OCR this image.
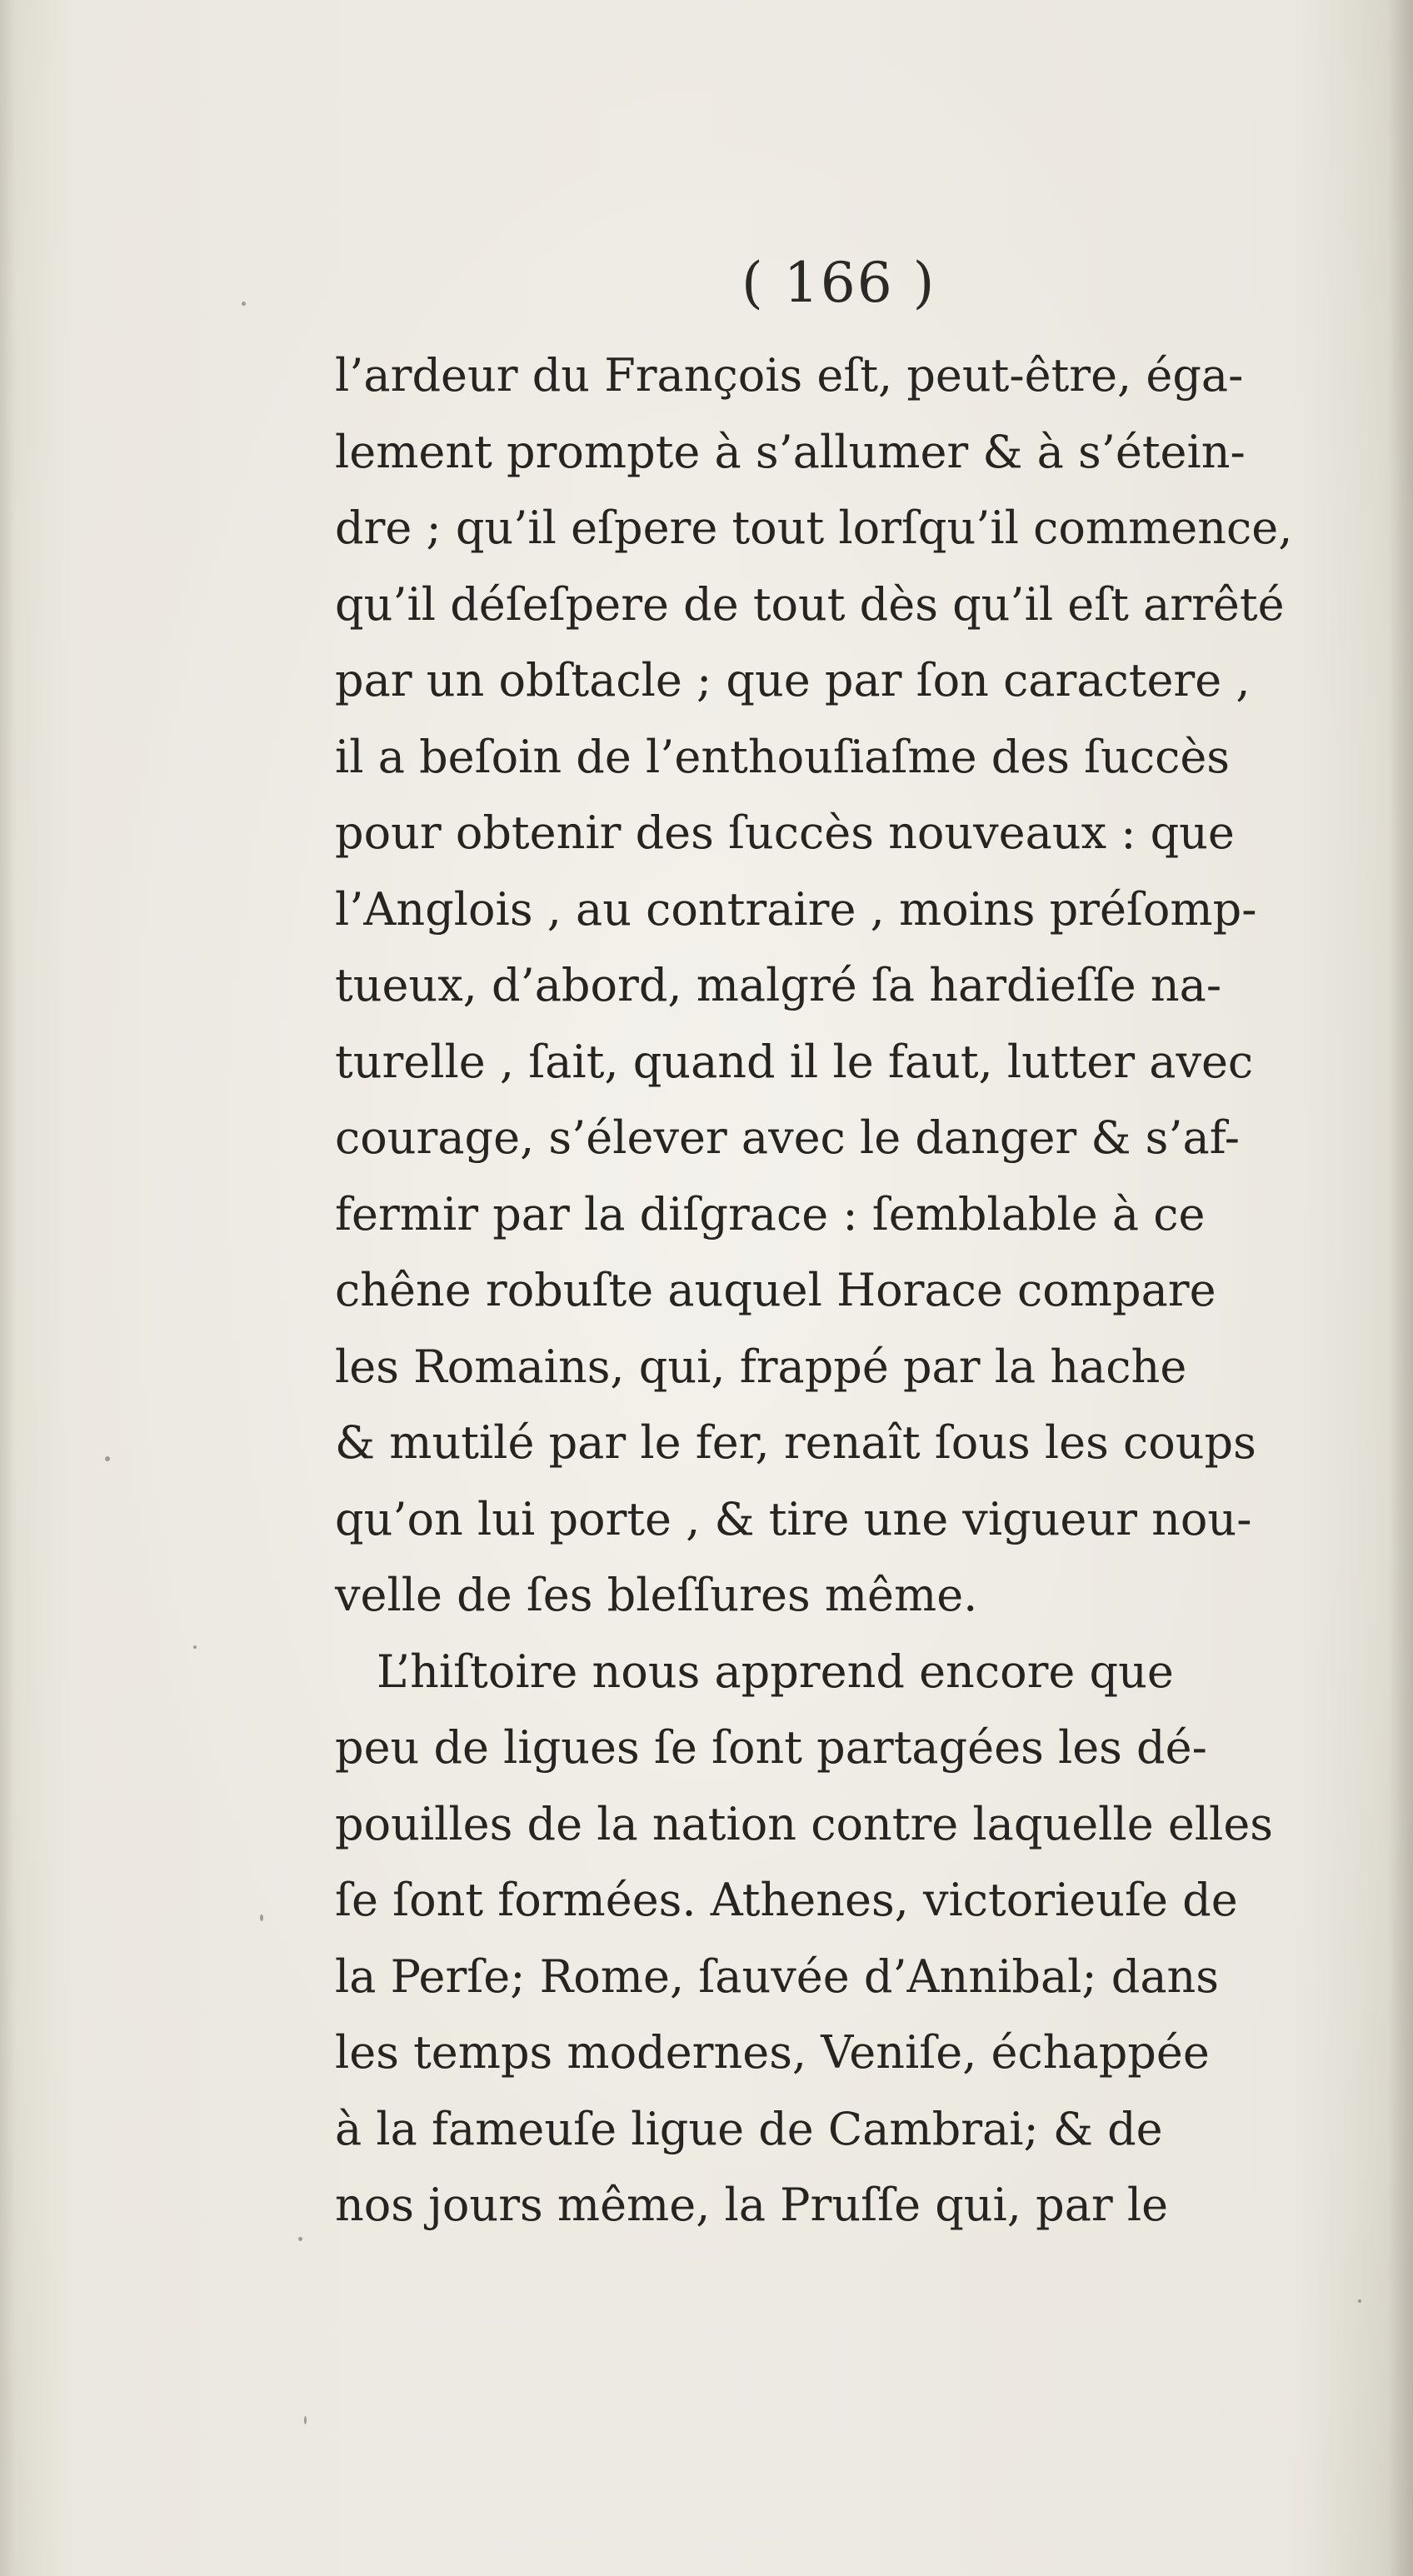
( 166 )
l’ardeur du François eſt, peut-être, éga-
lement prompte à s’allumer & à s’étein-
dre ; qu’il eſpere tout lorſqu’il commence,
qu’il déſeſpere de tout dès qu’il eſt arrêté
par un obſtacle ; que par ſon caractere ,
il a beſoin de l’enthouſiaſme des ſuccès
pour obtenir des ſuccès nouveaux : que
l’Anglois , au contraire , moins préſomp-
tueux, d’abord, malgré ſa hardieſſe na-
turelle , ſait, quand il le faut, lutter avec
courage, s’élever avec le danger & s’af-
fermir par la diſgrace : ſemblable à ce
chêne robuſte auquel Horace compare
les Romains, qui, frappé par la hache
& mutilé par le fer, renaît ſous les coups
qu’on lui porte , & tire une vigueur nou-
velle de ſes bleſſures même.
L’hiſtoire nous apprend encore que
peu de ligues ſe ſont partagées les dé-
pouilles de la nation contre laquelle elles
ſe ſont formées. Athenes, victorieuſe de
la Perſe; Rome, ſauvée d’Annibal; dans
les temps modernes, Veniſe, échappée
à la fameuſe ligue de Cambrai; & de
nos jours même, la Pruſſe qui, par le
